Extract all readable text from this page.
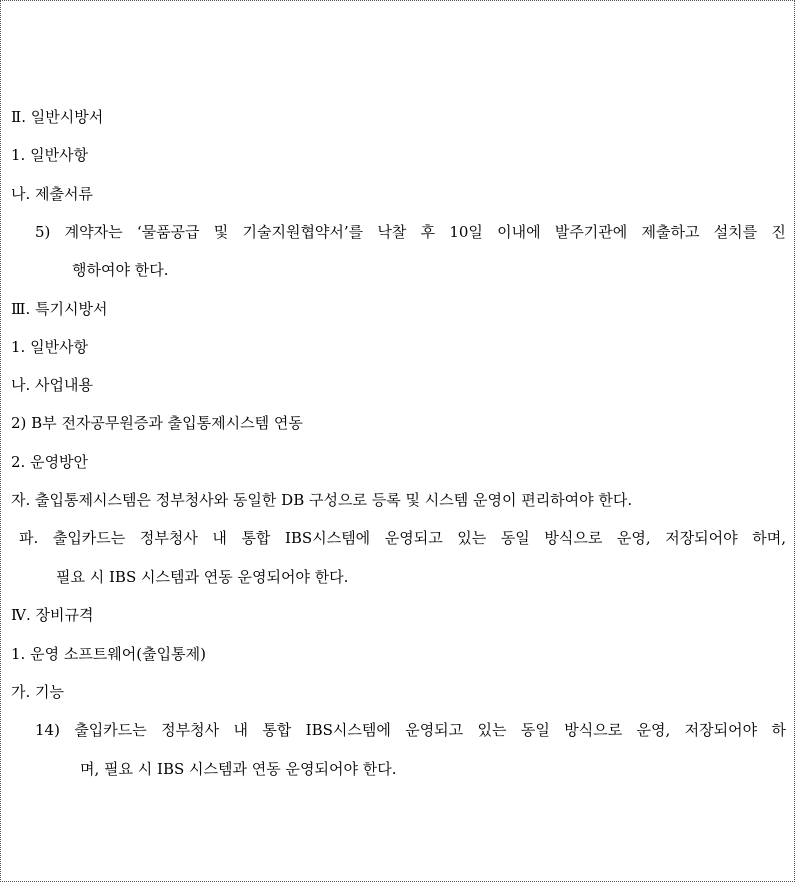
Ⅱ. 일반시방서
1. 일반사항
나. 제출서류
5) 계약자는 ‘물품공급 및 기술지원협약서’를 낙찰 후 10일 이내에 발주기관에 제출하고 설치를 진
행하여야 한다.
Ⅲ. 특기시방서
1. 일반사항
나. 사업내용
2) B부 전자공무원증과 출입통제시스템 연동
2. 운영방안
자. 출입통제시스템은 정부청사와 동일한 DB 구성으로 등록 및 시스템 운영이 편리하여야 한다.
파. 출입카드는 정부청사 내 통합 IBS시스템에 운영되고 있는 동일 방식으로 운영, 저장되어야 하며,
필요 시 IBS 시스템과 연동 운영되어야 한다.
Ⅳ. 장비규격
1. 운영 소프트웨어(출입통제)
가. 기능
14) 출입카드는 정부청사 내 통합 IBS시스템에 운영되고 있는 동일 방식으로 운영, 저장되어야 하
며, 필요 시 IBS 시스템과 연동 운영되어야 한다.
